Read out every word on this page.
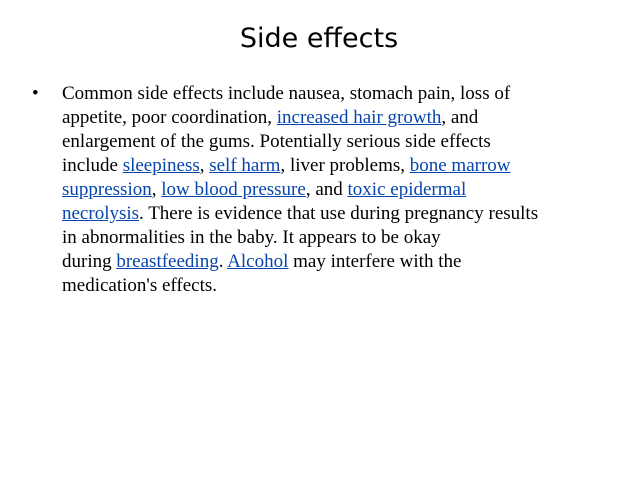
Side effects
• Common side effects include nausea, stomach pain, loss of
appetite, poor coordination, increased hair growth, and
enlargement of the gums. Potentially serious side effects
include sleepiness, self harm, liver problems, bone marrow
suppression, low blood pressure, and toxic epidermal
necrolysis. There is evidence that use during pregnancy results
in abnormalities in the baby. It appears to be okay
during breastfeeding. Alcohol may interfere with the
medication's effects.
